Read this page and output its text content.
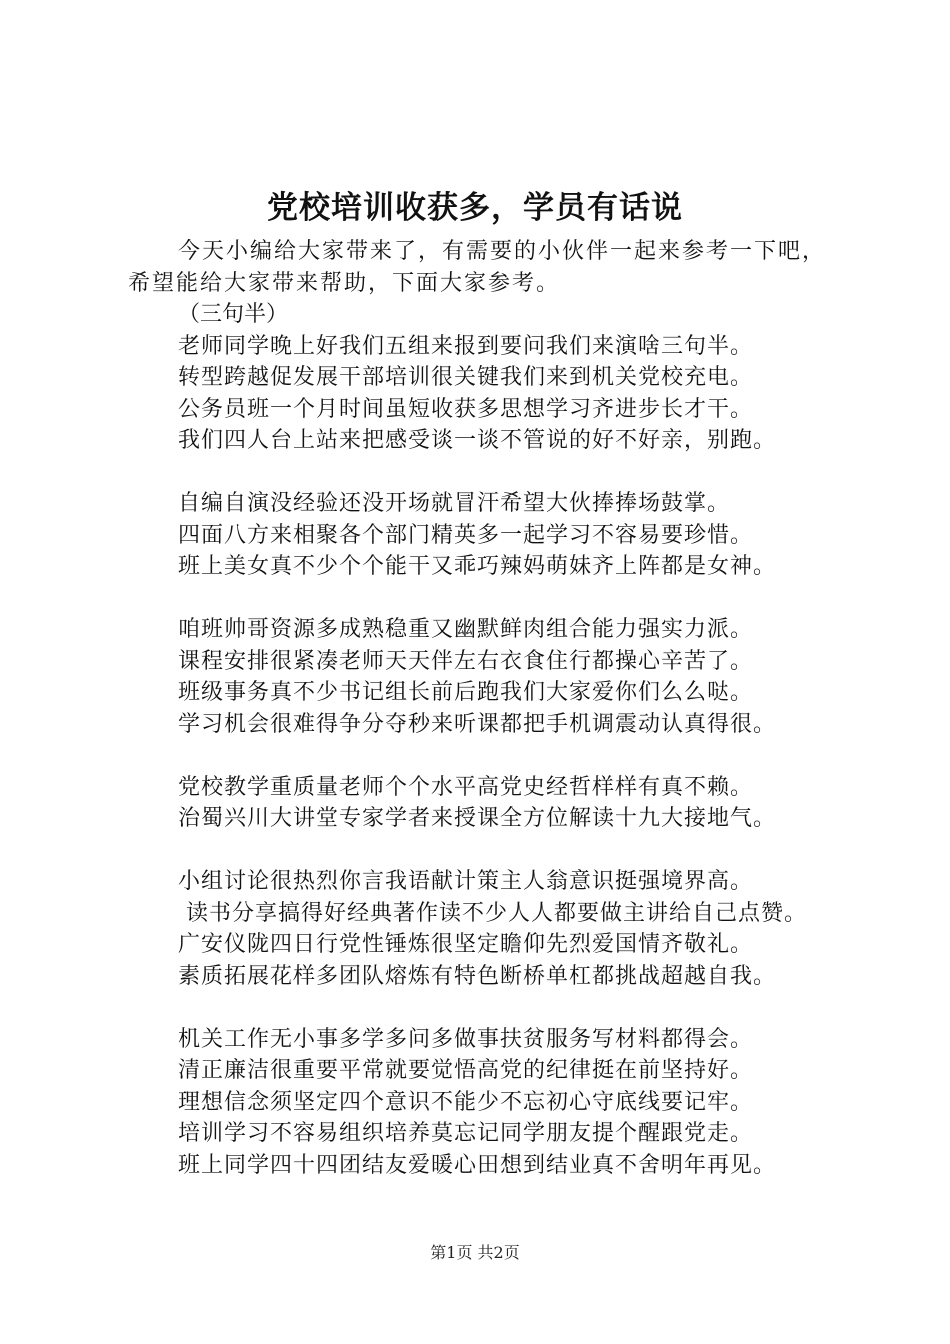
党校培训收获多，学员有话说

今天小编给大家带来了，有需要的小伙伴一起来参考一下吧，希望能给大家带来帮助，下面大家参考。

（三句半）

老师同学晚上好我们五组来报到要问我们来演啥三句半。
转型跨越促发展干部培训很关键我们来到机关党校充电。
公务员班一个月时间虽短收获多思想学习齐进步长才干。
我们四人台上站来把感受谈一谈不管说的好不好亲，别跑。
自编自演没经验还没开场就冒汗希望大伙捧捧场鼓掌。
四面八方来相聚各个部门精英多一起学习不容易要珍惜。
班上美女真不少个个能干又乖巧辣妈萌妹齐上阵都是女神。
咱班帅哥资源多成熟稳重又幽默鲜肉组合能力强实力派。
课程安排很紧凑老师天天伴左右衣食住行都操心辛苦了。
班级事务真不少书记组长前后跑我们大家爱你们么么哒。
学习机会很难得争分夺秒来听课都把手机调震动认真得很。
党校教学重质量老师个个水平高党史经哲样样有真不赖。
治蜀兴川大讲堂专家学者来授课全方位解读十九大接地气。
小组讨论很热烈你言我语献计策主人翁意识挺强境界高。
读书分享搞得好经典著作读不少人人都要做主讲给自己点赞。
广安仪陇四日行党性锤炼很坚定瞻仰先烈爱国情齐敬礼。
素质拓展花样多团队熔炼有特色断桥单杠都挑战超越自我。
机关工作无小事多学多问多做事扶贫服务写材料都得会。
清正廉洁很重要平常就要觉悟高党的纪律挺在前坚持好。
理想信念须坚定四个意识不能少不忘初心守底线要记牢。
培训学习不容易组织培养莫忘记同学朋友提个醒跟党走。
班上同学四十四团结友爱暖心田想到结业真不舍明年再见。
第1页 共2页
